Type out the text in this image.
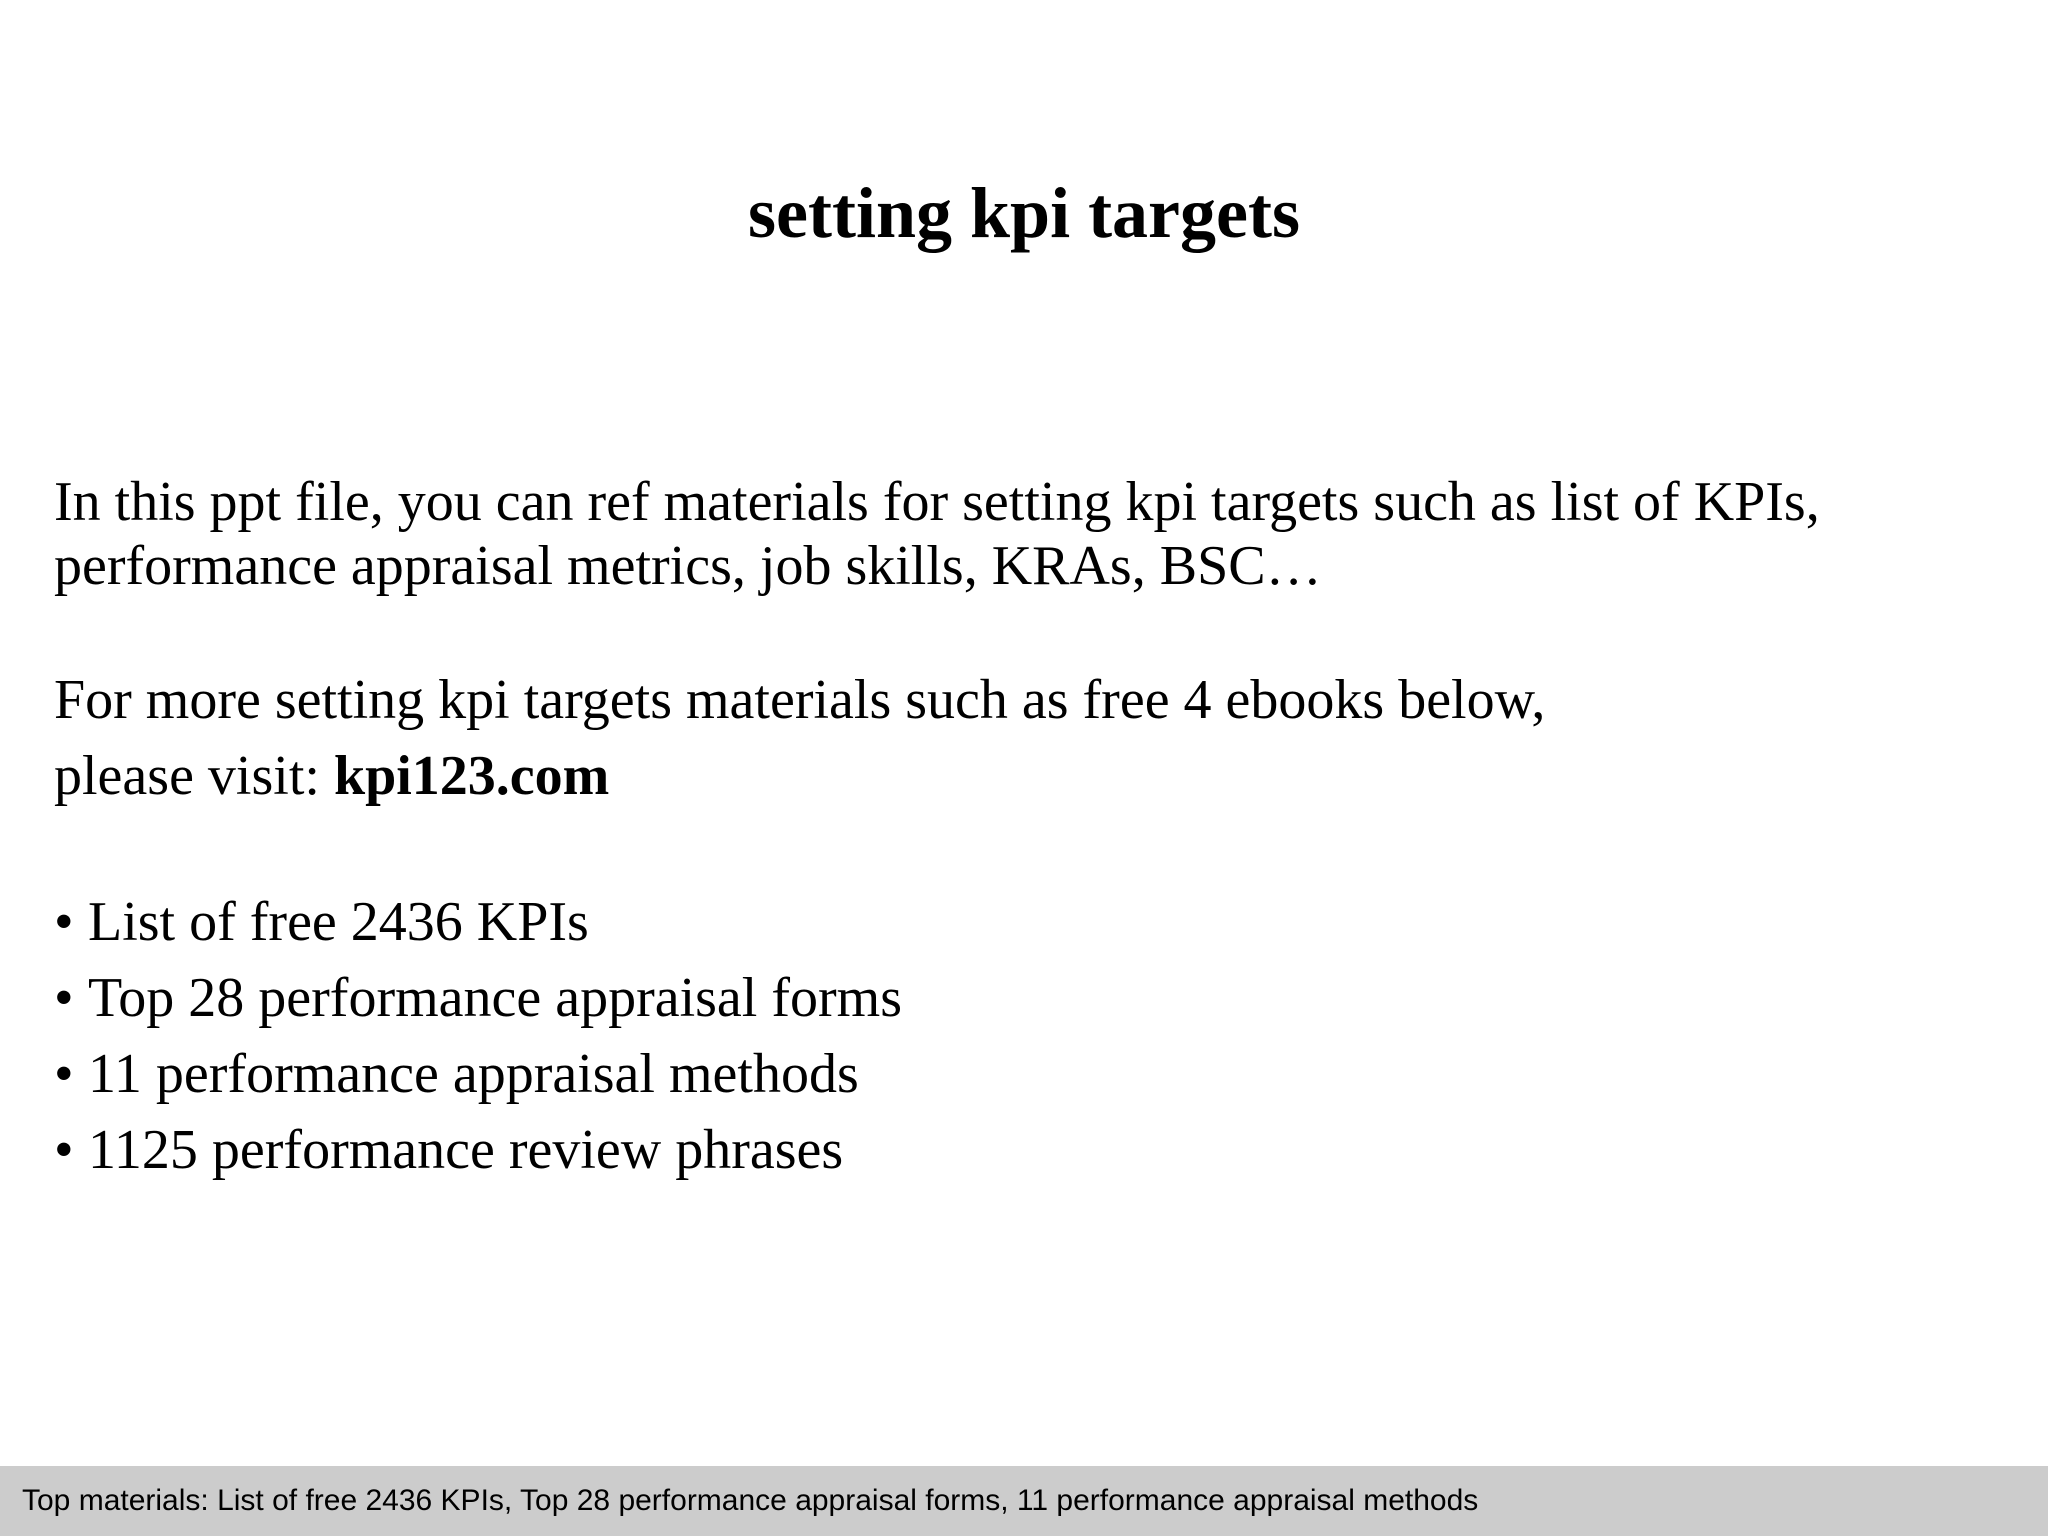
setting kpi targets

In this ppt file, you can ref materials for setting kpi targets such as list of KPIs, performance appraisal metrics, job skills, KRAs, BSC…

For more setting kpi targets materials such as free 4 ebooks below,
please visit: kpi123.com

• List of free 2436 KPIs
• Top 28 performance appraisal forms
• 11 performance appraisal methods
• 1125 performance review phrases
Top materials: List of free 2436 KPIs, Top 28 performance appraisal forms, 11 performance appraisal methods
